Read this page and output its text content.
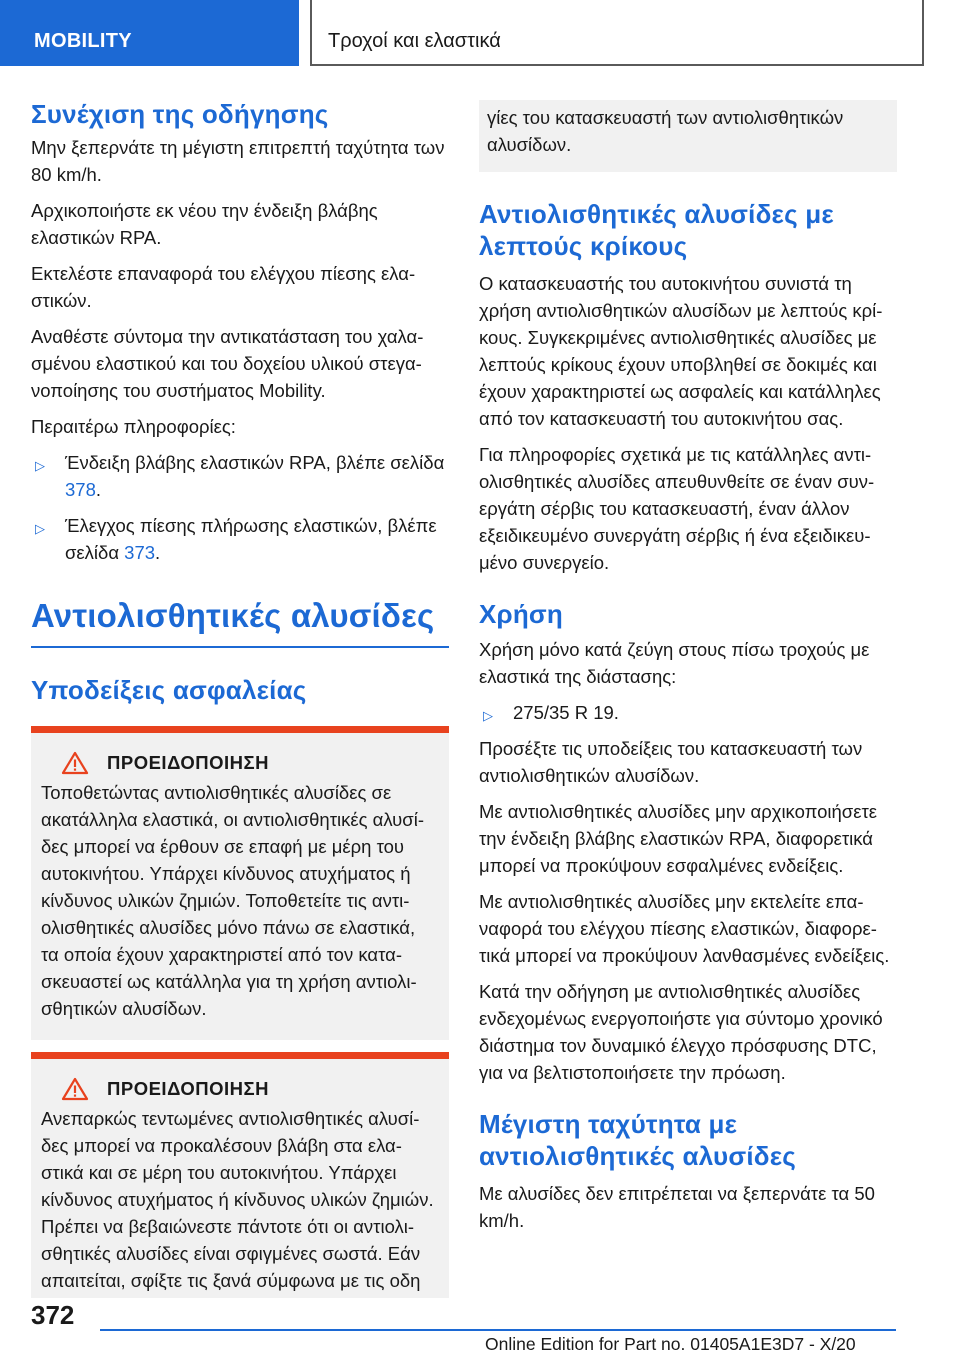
MOBILITY	Τροχοί και ελαστικά
Συνέχιση της οδήγησης

Μην ξεπερνάτε τη μέγιστη επιτρεπτή ταχύτητα των 80 km/h.

Αρχικοποιήστε εκ νέου την ένδειξη βλάβης ελαστικών RPA.

Εκτελέστε επαναφορά του ελέγχου πίεσης ελαστικών.

Αναθέστε σύντομα την αντικατάσταση του χαλασμένου ελαστικού και του δοχείου υλικού στεγανοποίησης του συστήματος Mobility.

Περαιτέρω πληροφορίες:

▷ Ένδειξη βλάβης ελαστικών RPA, βλέπε σελίδα 378.
▷ Έλεγχος πίεσης πλήρωσης ελαστικών, βλέπε σελίδα 373.
Αντιολισθητικές αλυσίδες
Υποδείξεις ασφαλείας
ΠΡΟΕΙΔΟΠΟΙΗΣΗ

Τοποθετώντας αντιολισθητικές αλυσίδες σε ακατάλληλα ελαστικά, οι αντιολισθητικές αλυσίδες μπορεί να έρθουν σε επαφή με μέρη του αυτοκινήτου. Υπάρχει κίνδυνος ατυχήματος ή κίνδυνος υλικών ζημιών. Τοποθετείτε τις αντιολισθητικές αλυσίδες μόνο πάνω σε ελαστικά, τα οποία έχουν χαρακτηριστεί από τον κατασκευαστεί ως κατάλληλα για τη χρήση αντιολισθητικών αλυσίδων.

ΠΡΟΕΙΔΟΠΟΙΗΣΗ

Ανεπαρκώς τεντωμένες αντιολισθητικές αλυσίδες μπορεί να προκαλέσουν βλάβη στα ελαστικά και σε μέρη του αυτοκινήτου. Υπάρχει κίνδυνος ατυχήματος ή κίνδυνος υλικών ζημιών. Πρέπει να βεβαιώνεστε πάντοτε ότι οι αντιολισθητικές αλυσίδες είναι σφιγμένες σωστά. Εάν απαιτείται, σφίξτε τις ξανά σύμφωνα με τις οδη

γίες του κατασκευαστή των αντιολισθητικών αλυσίδων.

Αντιολισθητικές αλυσίδες με λεπτούς κρίκους

Ο κατασκευαστής του αυτοκινήτου συνιστά τη χρήση αντιολισθητικών αλυσίδων με λεπτούς κρίκους. Συγκεκριμένες αντιολισθητικές αλυσίδες με λεπτούς κρίκους έχουν υποβληθεί σε δοκιμές και έχουν χαρακτηριστεί ως ασφαλείς και κατάλληλες από τον κατασκευαστή του αυτοκινήτου σας.

Για πληροφορίες σχετικά με τις κατάλληλες αντιολισθητικές αλυσίδες απευθυνθείτε σε έναν συνεργάτη σέρβις του κατασκευαστή, έναν άλλον εξειδικευμένο συνεργάτη σέρβις ή ένα εξειδικευμένο συνεργείο.

Χρήση

Χρήση μόνο κατά ζεύγη στους πίσω τροχούς με ελαστικά της διάστασης:

▷ 275/35 R 19.

Προσέξτε τις υποδείξεις του κατασκευαστή των αντιολισθητικών αλυσίδων.

Με αντιολισθητικές αλυσίδες μην αρχικοποιήσετε την ένδειξη βλάβης ελαστικών RPA, διαφορετικά μπορεί να προκύψουν εσφαλμένες ενδείξεις.

Με αντιολισθητικές αλυσίδες μην εκτελείτε επαναφορά του ελέγχου πίεσης ελαστικών, διαφορετικά μπορεί να προκύψουν λανθασμένες ενδείξεις.

Κατά την οδήγηση με αντιολισθητικές αλυσίδες ενδεχομένως ενεργοποιήστε για σύντομο χρονικό διάστημα τον δυναμικό έλεγχο πρόσφυσης DTC, για να βελτιστοποιήσετε την πρόωση.

Μέγιστη ταχύτητα με αντιολισθητικές αλυσίδες

Με αλυσίδες δεν επιτρέπεται να ξεπερνάτε τα 50 km/h.

372
Online Edition for Part no. 01405A1E3D7 - X/20
